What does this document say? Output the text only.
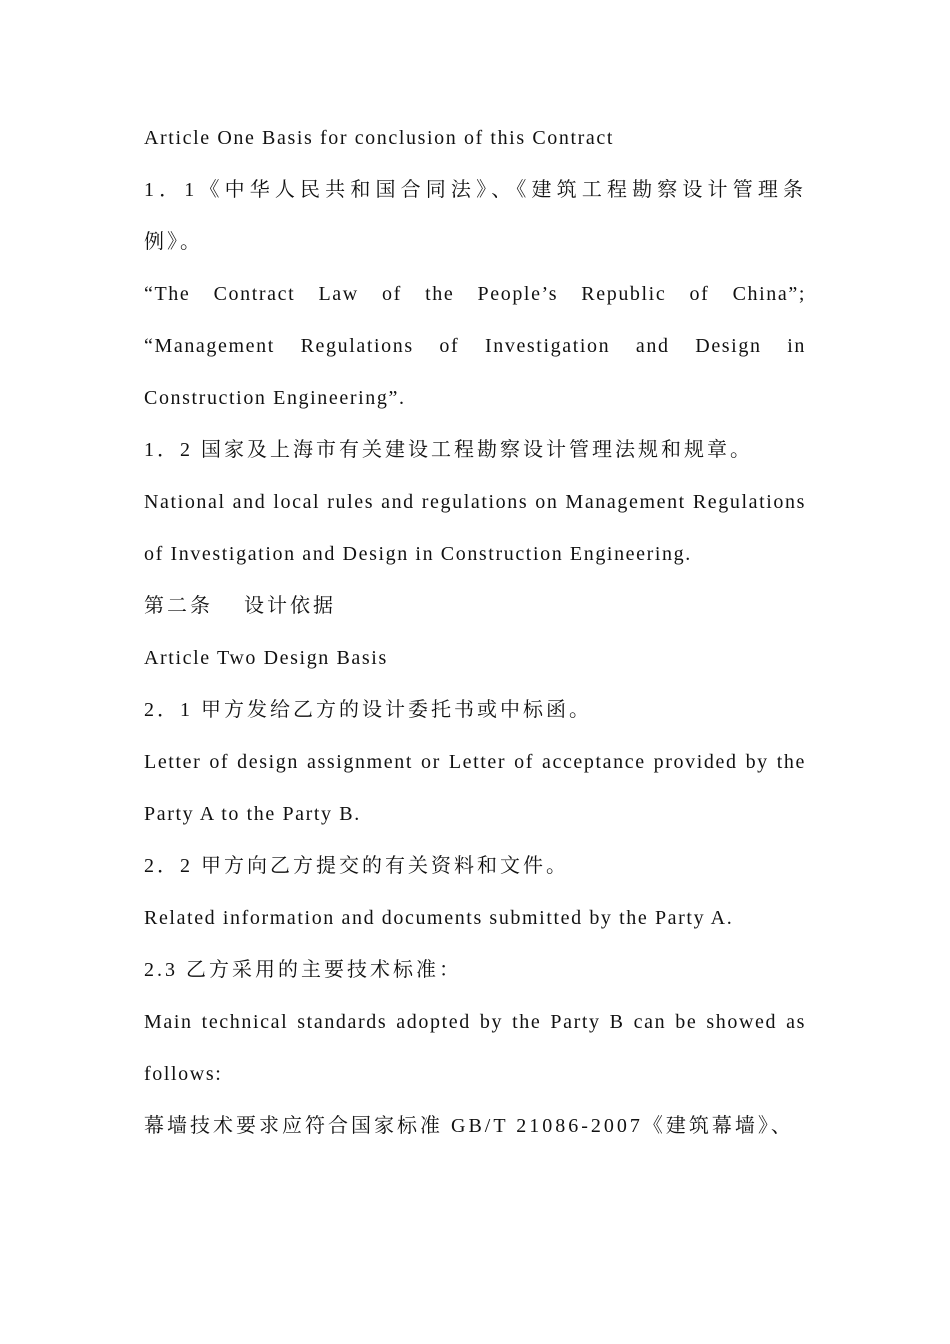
Article One Basis for conclusion of this Contract

1．1《中华人民共和国合同法》、《建筑工程勘察设计管理条例》。

“The Contract Law of the People’s Republic of China”; “Management Regulations of Investigation and Design in Construction Engineering”.

1．2 国家及上海市有关建设工程勘察设计管理法规和规章。

National and local rules and regulations on Management Regulations of Investigation and Design in Construction Engineering.

第二条　 设计依据

Article Two Design Basis

2．1 甲方发给乙方的设计委托书或中标函。

Letter of design assignment or Letter of acceptance provided by the Party A to the Party B.

2．2 甲方向乙方提交的有关资料和文件。

Related information and documents submitted by the Party A.

2.3 乙方采用的主要技术标准：

Main technical standards adopted by the Party B can be showed as follows:

幕墙技术要求应符合国家标准 GB/T 21086-2007《建筑幕墙》、
